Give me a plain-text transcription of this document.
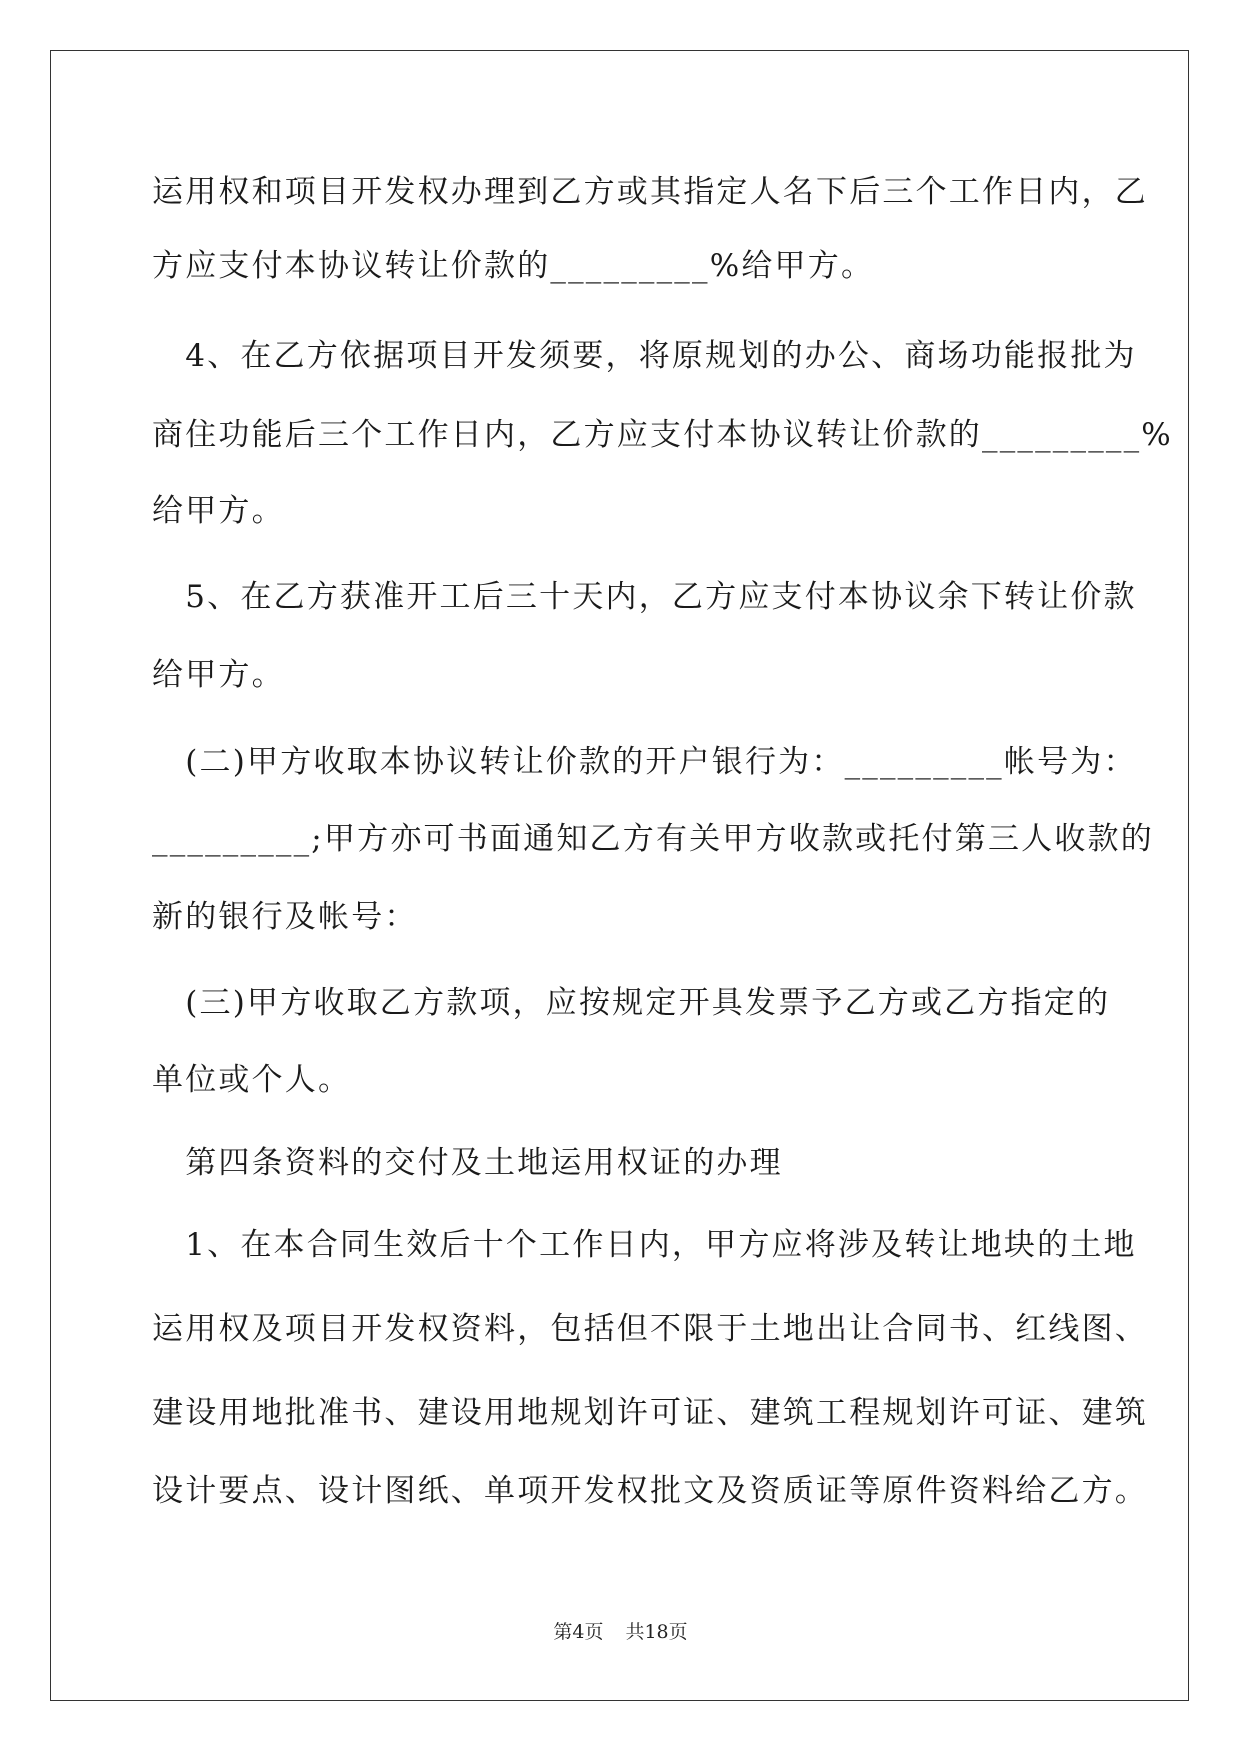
运用权和项目开发权办理到乙方或其指定人名下后三个工作日内，乙
方应支付本协议转让价款的_________%给甲方。
　4、在乙方依据项目开发须要，将原规划的办公、商场功能报批为
商住功能后三个工作日内，乙方应支付本协议转让价款的_________%
给甲方。
　5、在乙方获准开工后三十天内，乙方应支付本协议余下转让价款
给甲方。
　(二)甲方收取本协议转让价款的开户银行为：_________帐号为：
_________;甲方亦可书面通知乙方有关甲方收款或托付第三人收款的
新的银行及帐号：
　(三)甲方收取乙方款项，应按规定开具发票予乙方或乙方指定的
单位或个人。
　第四条资料的交付及土地运用权证的办理
　1、在本合同生效后十个工作日内，甲方应将涉及转让地块的土地
运用权及项目开发权资料，包括但不限于土地出让合同书、红线图、
建设用地批准书、建设用地规划许可证、建筑工程规划许可证、建筑
设计要点、设计图纸、单项开发权批文及资质证等原件资料给乙方。
第4页 共18页
